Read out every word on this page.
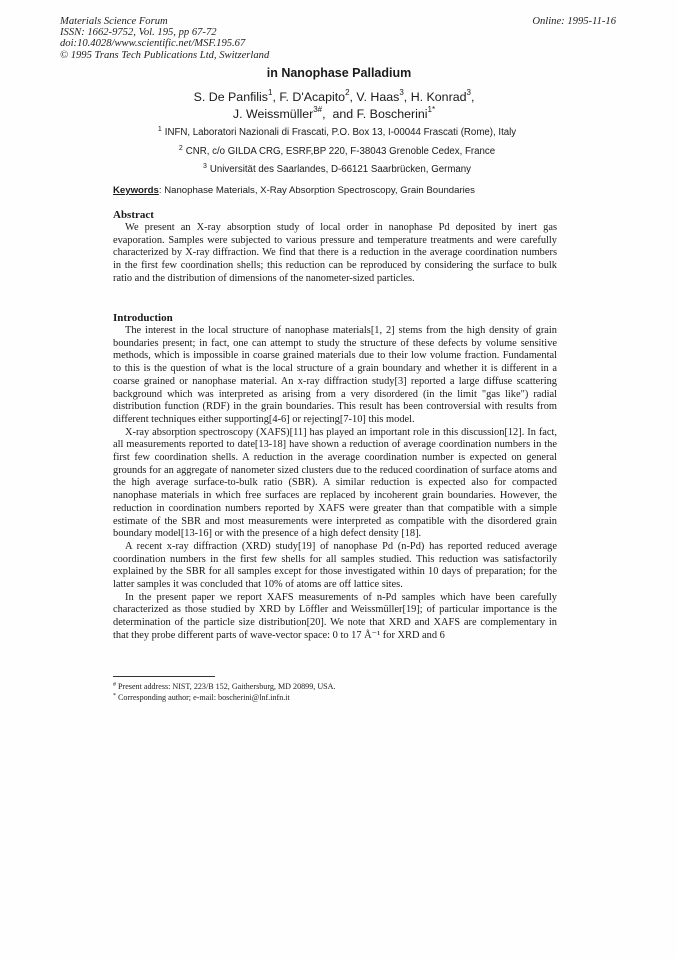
Materials Science Forum
ISSN: 1662-9752, Vol. 195, pp 67-72
doi:10.4028/www.scientific.net/MSF.195.67
© 1995 Trans Tech Publications Ltd, Switzerland
Online: 1995-11-16
in Nanophase Palladium
S. De Panfilis$^1$, F. D'Acapito$^2$, V. Haas$^3$, H. Konrad$^3$,
J. Weissmüller$^{3\#}$,  and F. Boscherini$^{1*}$
$^1$ INFN, Laboratori Nazionali di Frascati, P.O. Box 13, I-00044 Frascati (Rome), Italy
$^2$ CNR, c/o GILDA CRG, ESRF,BP 220, F-38043 Grenoble Cedex, France
$^3$ Universität des Saarlandes, D-66121 Saarbrücken, Germany
Keywords: Nanophase Materials, X-Ray Absorption Spectroscopy, Grain Boundaries
Abstract

We present an X-ray absorption study of local order in nanophase Pd deposited by inert gas evaporation. Samples were subjected to various pressure and temperature treatments and were carefully characterized by X-ray diffraction. We find that there is a reduction in the average coordination numbers in the first few coordination shells; this reduction can be reproduced by considering the surface to bulk ratio and the distribution of dimensions of the nanometer-sized particles.

Introduction

The interest in the local structure of nanophase materials[1, 2] stems from the high density of grain boundaries present; in fact, one can attempt to study the structure of these defects by volume sensitive methods, which is impossible in coarse grained materials due to their low volume fraction. Fundamental to this is the question of what is the local structure of a grain boundary and whether it is different in a coarse grained or nanophase material. An x-ray diffraction study[3] reported a large diffuse scattering background which was interpreted as arising from a very disordered (in the limit "gas like") radial distribution function (RDF) in the grain boundaries. This result has been controversial with results from different techniques either supporting[4-6] or rejecting[7-10] this model.

X-ray absorption spectroscopy (XAFS)[11] has played an important role in this discussion[12]. In fact, all measurements reported to date[13-18] have shown a reduction of average coordination numbers in the first few coordination shells. A reduction in the average coordination number is expected on general grounds for an aggregate of nanometer sized clusters due to the reduced coordination of surface atoms and the high average surface-to-bulk ratio (SBR). A similar reduction is expected also for compacted nanophase materials in which free surfaces are replaced by incoherent grain boundaries. However, the reduction in coordination numbers reported by XAFS were greater than that compatible with a simple estimate of the SBR and most measurements were interpreted as compatible with the disordered grain boundary model[13-16] or with the presence of a high defect density [18].

A recent x-ray diffraction (XRD) study[19] of nanophase Pd (n-Pd) has reported reduced average coordination numbers in the first few shells for all samples studied. This reduction was satisfactorily explained by the SBR for all samples except for those investigated within 10 days of preparation; for the latter samples it was concluded that 10% of atoms are off lattice sites.

In the present paper we report XAFS measurements of n-Pd samples which have been carefully characterized as those studied by XRD by Löffler and Weissmüller[19]; of particular importance is the determination of the particle size distribution[20]. We note that XRD and XAFS are complementary in that they probe different parts of wave-vector space: 0 to 17 Å⁻¹ for XRD and 6

# Present address: NIST, 223/B 152, Gaithersburg, MD 20899, USA.
* Corresponding author; e-mail: boscherini@lnf.infn.it
